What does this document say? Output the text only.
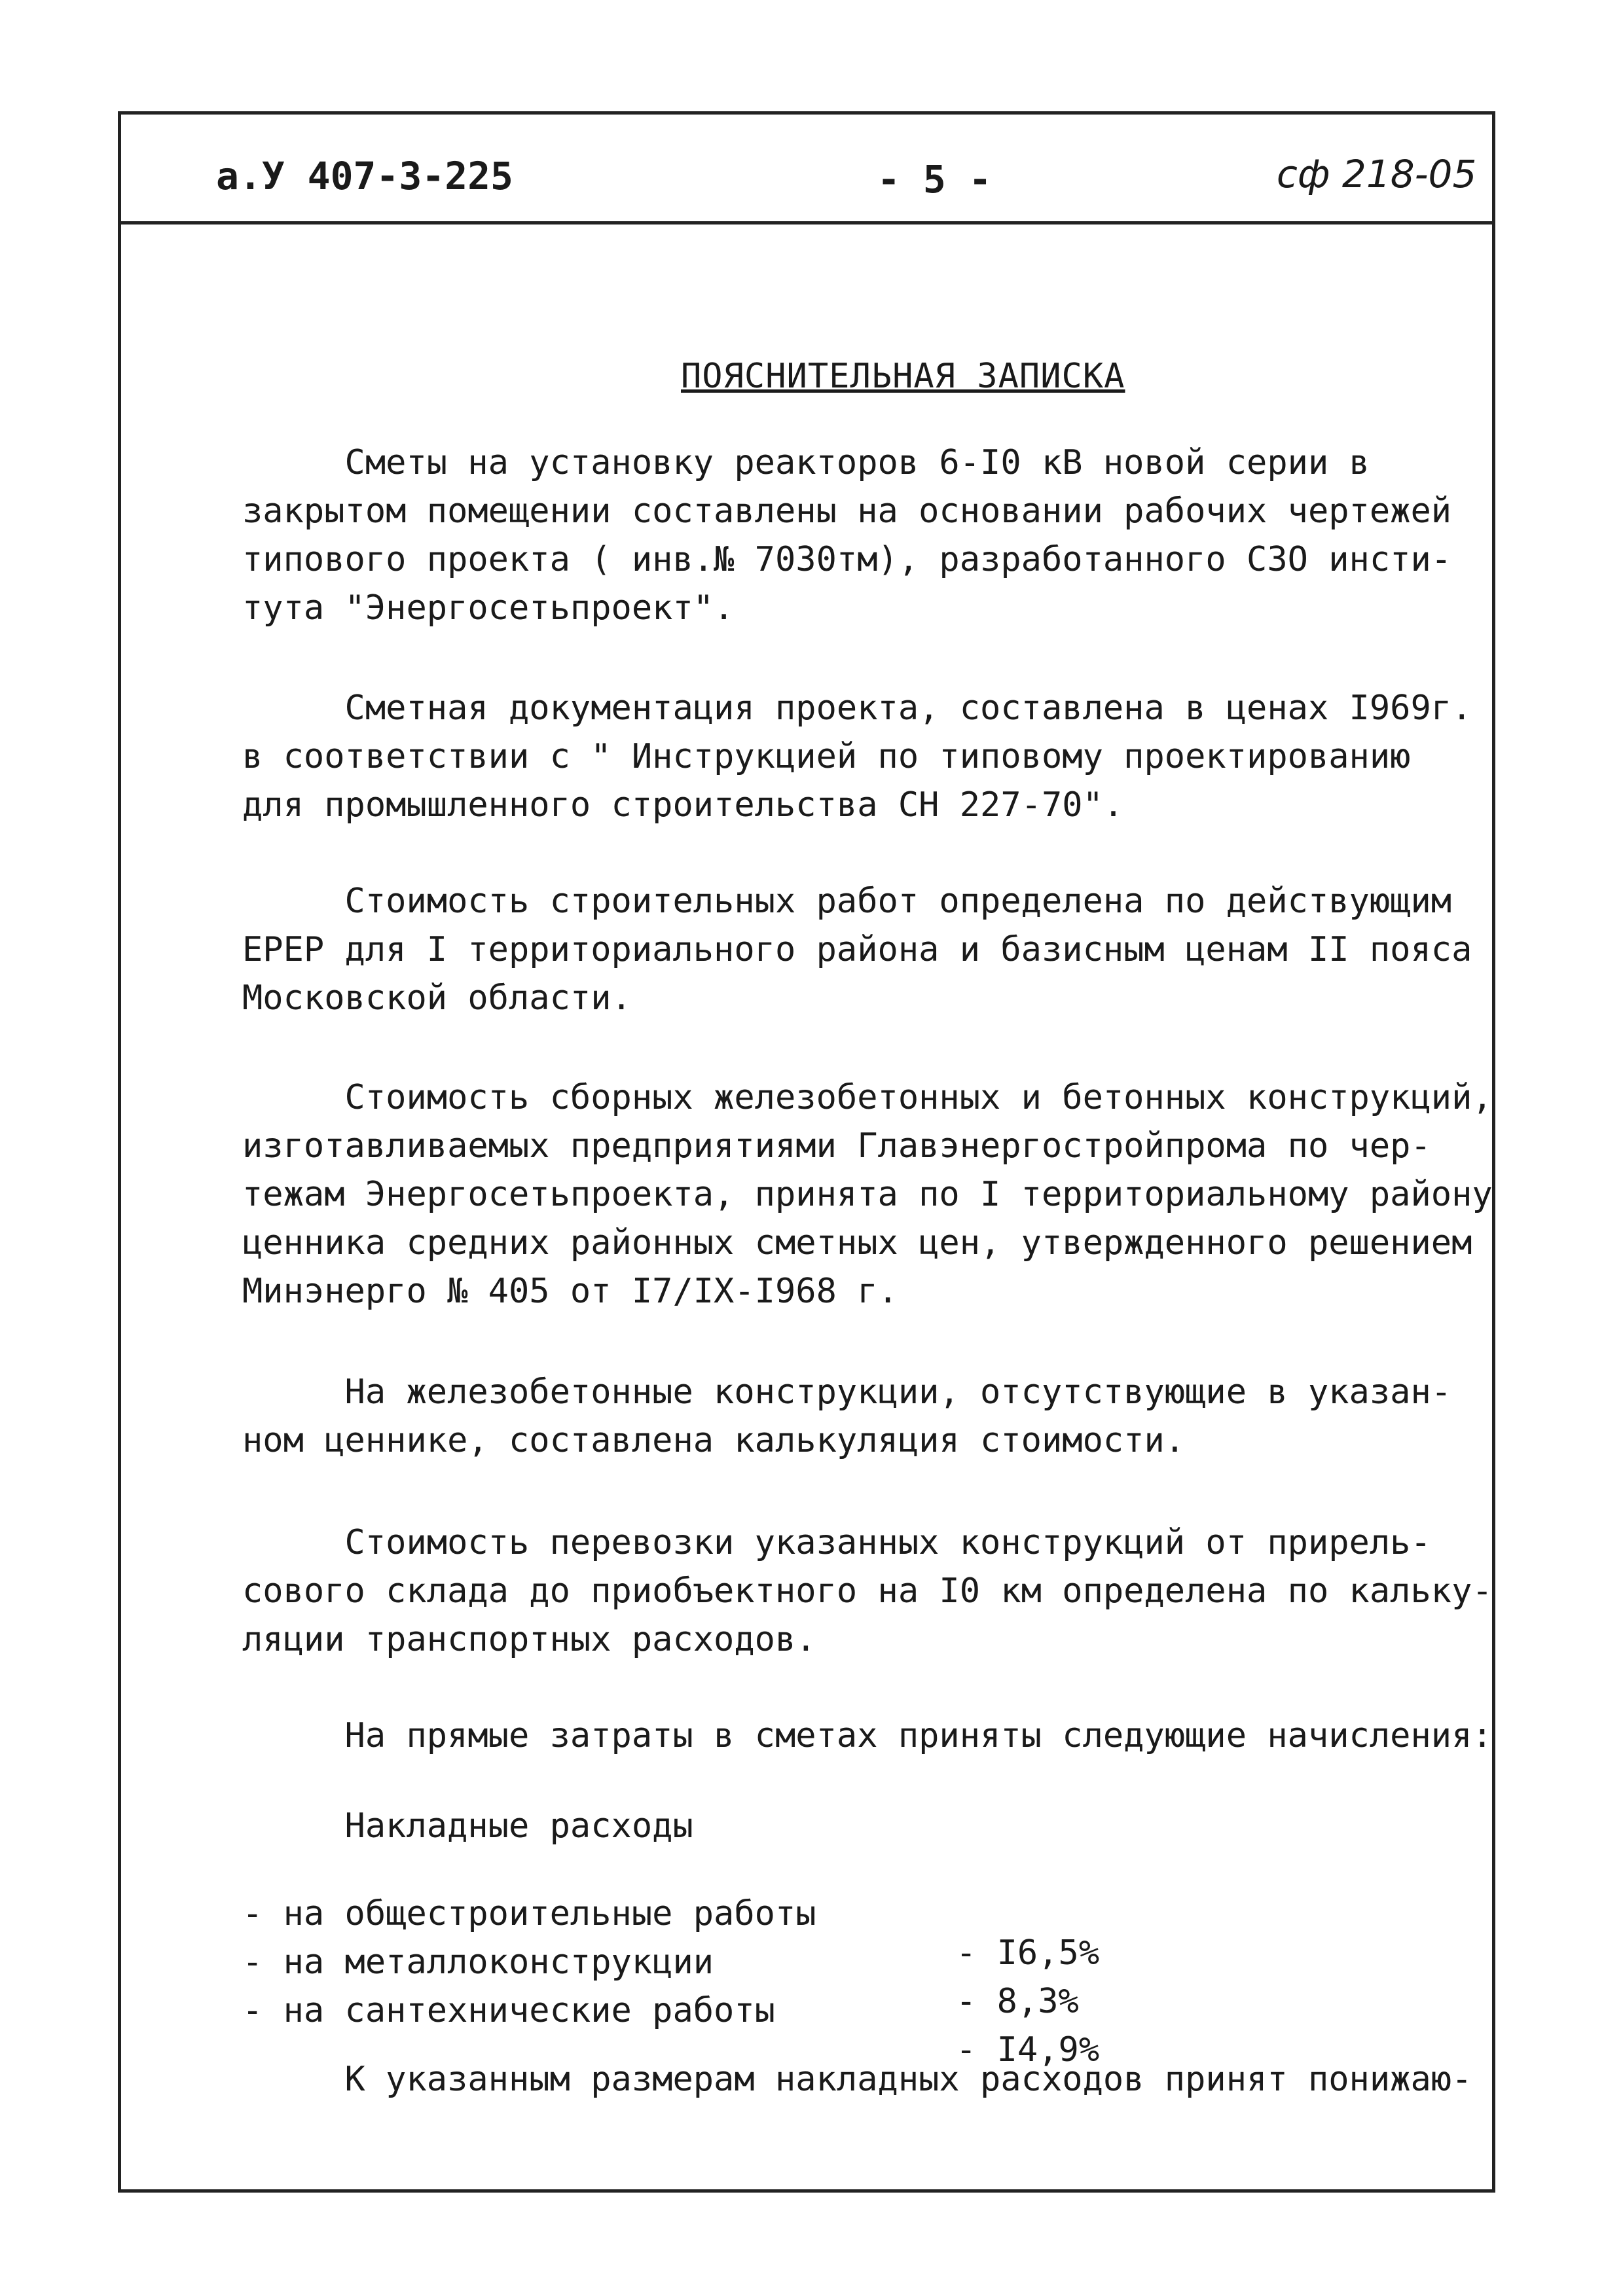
а.У 407-3-225	- 5 -	сф 218-05
ПОЯСНИТЕЛЬНАЯ ЗАПИСКА
Сметы на установку реакторов 6-I0 кВ новой серии в
закрытом помещении составлены на основании рабочих чертежей
типового проекта ( инв.№ 7030тм), разработанного СЗО инсти-
тута "Энергосетьпроект".
Сметная документация проекта, составлена в ценах I969г.
в соответствии с " Инструкцией по типовому проектированию
для промышленного строительства СН 227-70".
Стоимость строительных работ определена по действующим
ЕРЕР для I территориального района и базисным ценам II пояса
Московской области.
Стоимость сборных железобетонных и бетонных конструкций,
изготавливаемых предприятиями Главэнергостройпрома по чер-
тежам Энергосетьпроекта, принята по I территориальному району
ценника средних районных сметных цен, утвержденного решением
Минэнерго № 405 от I7/IX-I968 г.
На железобетонные конструкции, отсутствующие в указан-
ном ценнике, составлена калькуляция стоимости.
Стоимость перевозки указанных конструкций от прирель-
сового склада до приобъектного на I0 км определена по кальку-
ляции транспортных расходов.
На прямые затраты в сметах приняты следующие начисления:
Накладные расходы

- на общестроительные работы

- I6,5%

- на металлоконструкции

- 8,3%

- на сантехнические работы

- I4,9%

К указанным размерам накладных расходов принят понижаю-
